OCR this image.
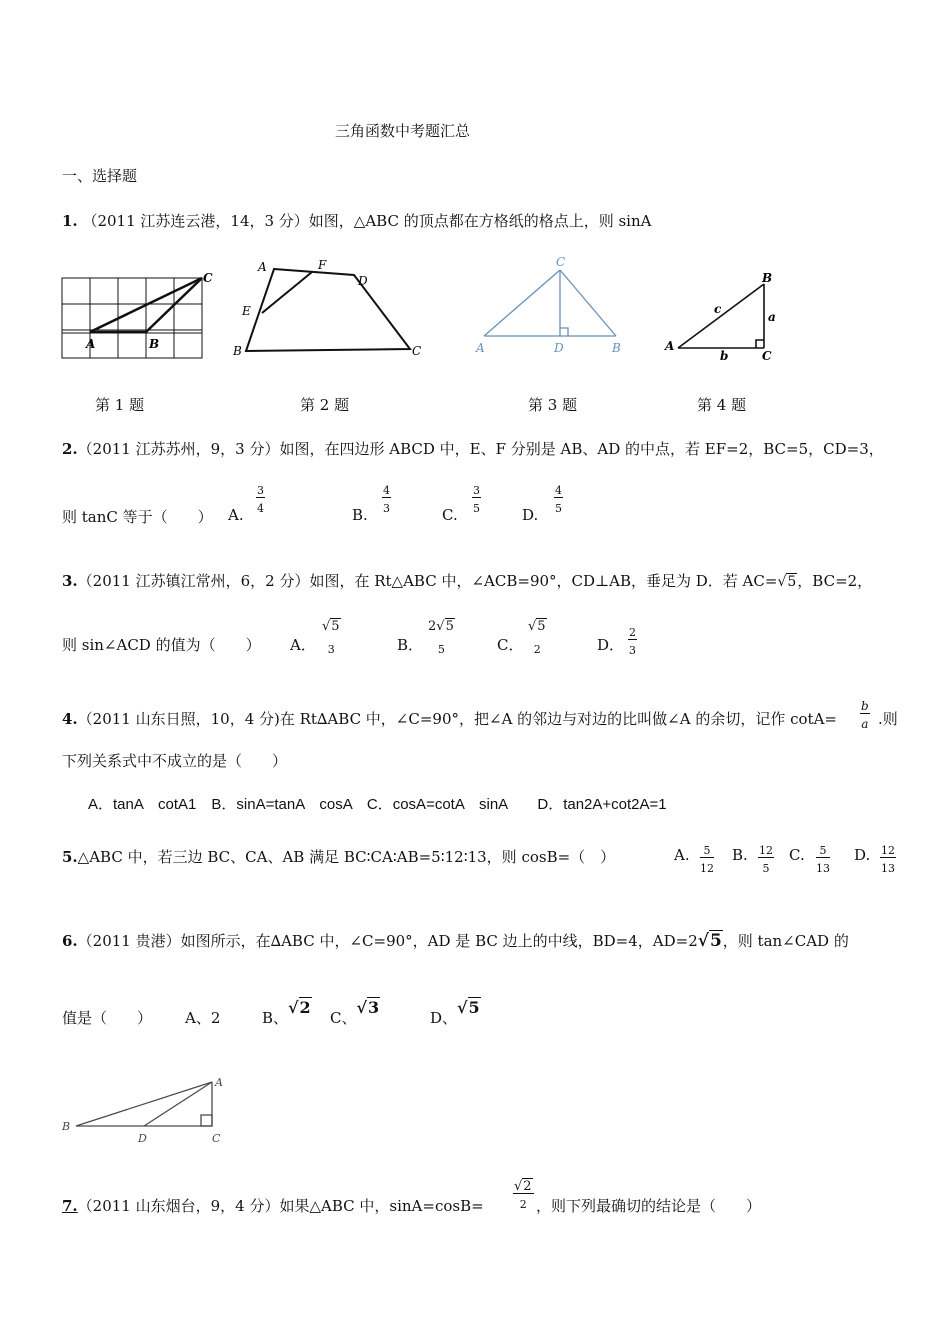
三角函数中考题汇总
一、选择题
1. （2011 江苏连云港，14，3 分）如图，△ABC 的顶点都在方格纸的格点上，则 sinA
C
A	B
A	F
D
E
B	C
C
A	D	B
B
c
a
A
b	C
第 1 题	第 2 题	第 3 题	第 4 题
2.（2011 江苏苏州，9，3 分）如图，在四边形 ABCD 中，E、F 分别是 AB、AD 的中点，若 EF=2，BC=5，CD=3，
则 tanC 等于（　　） A. $\frac{3}{4}$	B. $\frac{4}{3}$	C. $\frac{3}{5}$	D. $\frac{4}{5}$
3.（2011 江苏镇江常州，6，2 分）如图，在 Rt△ABC 中，∠ACB=90°，CD⊥AB，垂足为 D．若 AC=√5，BC=2，
则 sin∠ACD 的值为（　　） A．
√5
3	B．
2√5
5	C．
√5
2	D． $\frac{2}{3}$
4.（2011 山东日照，10，4 分)在 Rt∆ABC 中，∠C=90°，把∠A 的邻边与对边的比叫做∠A 的余切，记作 $\cot A= \frac{b}{a}$ .则
下列关系式中不成立的是（　　）
A．tanA　cotA1　B．sinA=tanA　cosA　C．cosA=cotA　sinA　　D．tan2A+cot2A=1
5.△ABC 中，若三边 BC、CA、AB 满足 BC∶CA∶AB=5∶12∶13，则 cosB=（　）	A. $\frac{5}{12} B$. $\frac{12}{5} C$. $\frac{5}{13} D$. $\frac{12}{13}$
6.（2011 贵港）如图所示，在∆ABC 中，∠C=90°，AD 是 BC 边上的中线，BD=4，AD=2√5，则 tan∠CAD 的
值是（　　） A、2	B、√2
C、√3
D、√5
A
B
D	C
7.（2011 山东烟台，9，4 分）如果△ABC 中，sinA=cosB=
√2
2 ，则下列最确切的结论是（　　）
